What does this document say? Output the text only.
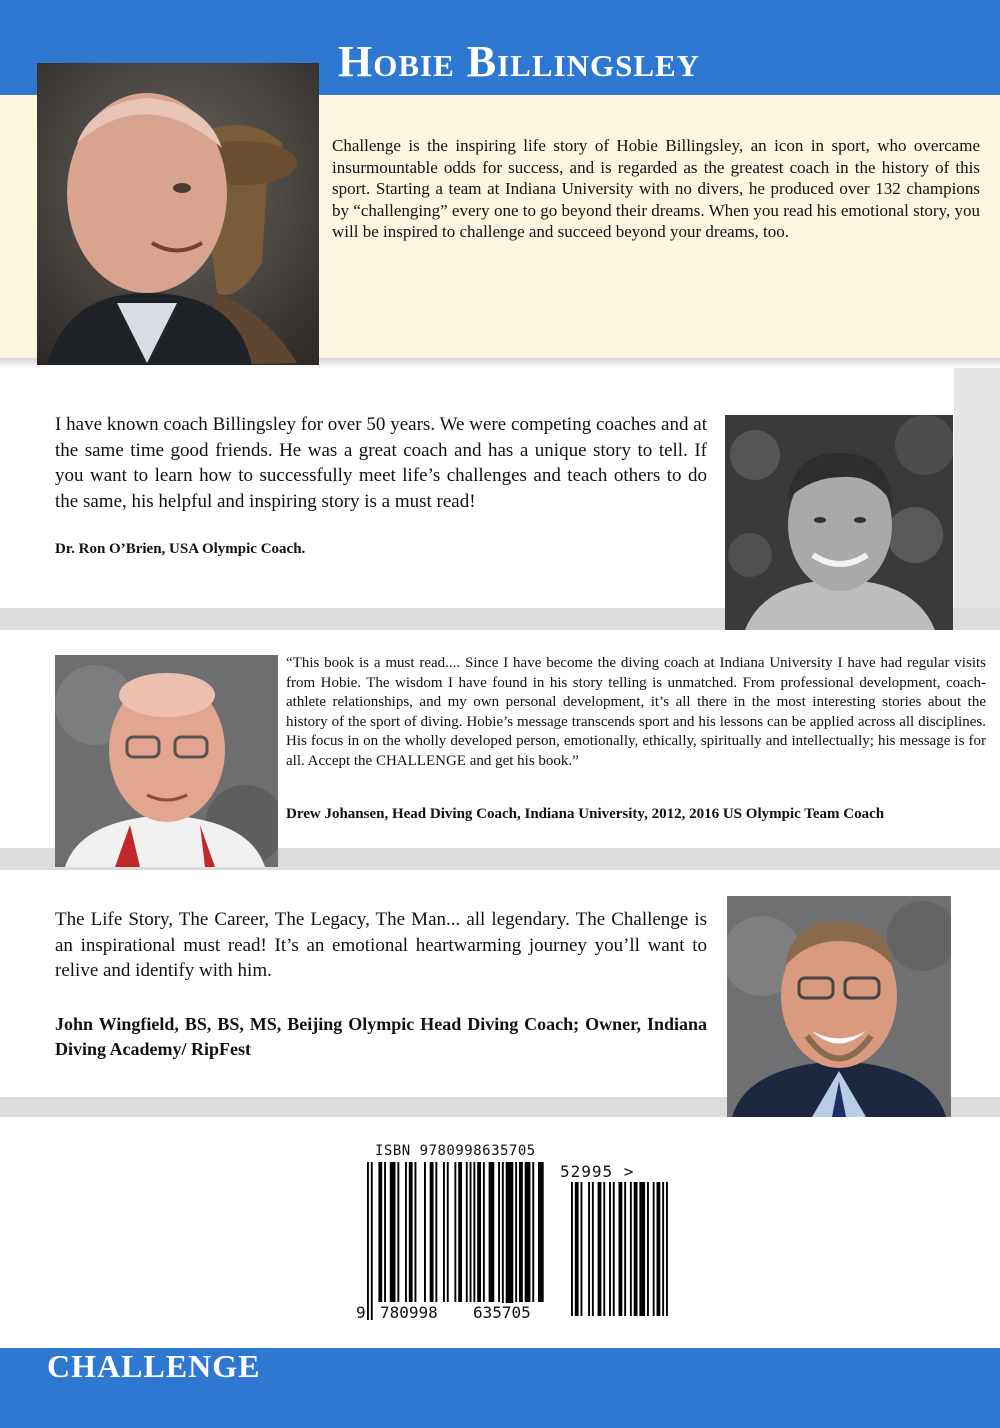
Hobie Billingsley

Challenge is the inspiring life story of Hobie Billingsley, an icon in sport, who overcame insurmountable odds for success, and is regarded as the greatest coach in the history of this sport. Starting a team at Indiana University with no divers, he produced over 132 champions by “challenging” every one to go beyond their dreams. When you read his emotional story, you will be inspired to challenge and succeed beyond your dreams, too.

I have known coach Billingsley for over 50 years. We were competing coaches and at the same time good friends. He was a great coach and has a unique story to tell. If you want to learn how to successfully meet life’s challenges and teach others to do the same, his helpful and inspiring story is a must read!

Dr. Ron O’Brien, USA Olympic Coach.

“This book is a must read.... Since I have become the diving coach at Indiana University I have had regular visits from Hobie. The wisdom I have found in his story telling is unmatched. From professional development, coach-athlete relationships, and my own personal development, it’s all there in the most interesting stories about the history of the sport of diving. Hobie’s message transcends sport and his lessons can be applied across all disciplines. His focus in on the wholly developed person, emotionally, ethically, spiritually and intellectually; his message is for all. Accept the CHALLENGE and get his book.”

Drew Johansen, Head Diving Coach, Indiana University, 2012, 2016 US Olympic Team Coach

The Life Story, The Career, The Legacy, The Man... all legendary. The Challenge is an inspirational must read! It’s an emotional heartwarming journey you’ll want to relive and identify with him.

John Wingfield, BS, BS, MS, Beijing Olympic Head Diving Coach; Owner, Indiana Diving Academy/ RipFest

ISBN 9780998635705
52995 >
9 780998 635705
CHALLENGE
